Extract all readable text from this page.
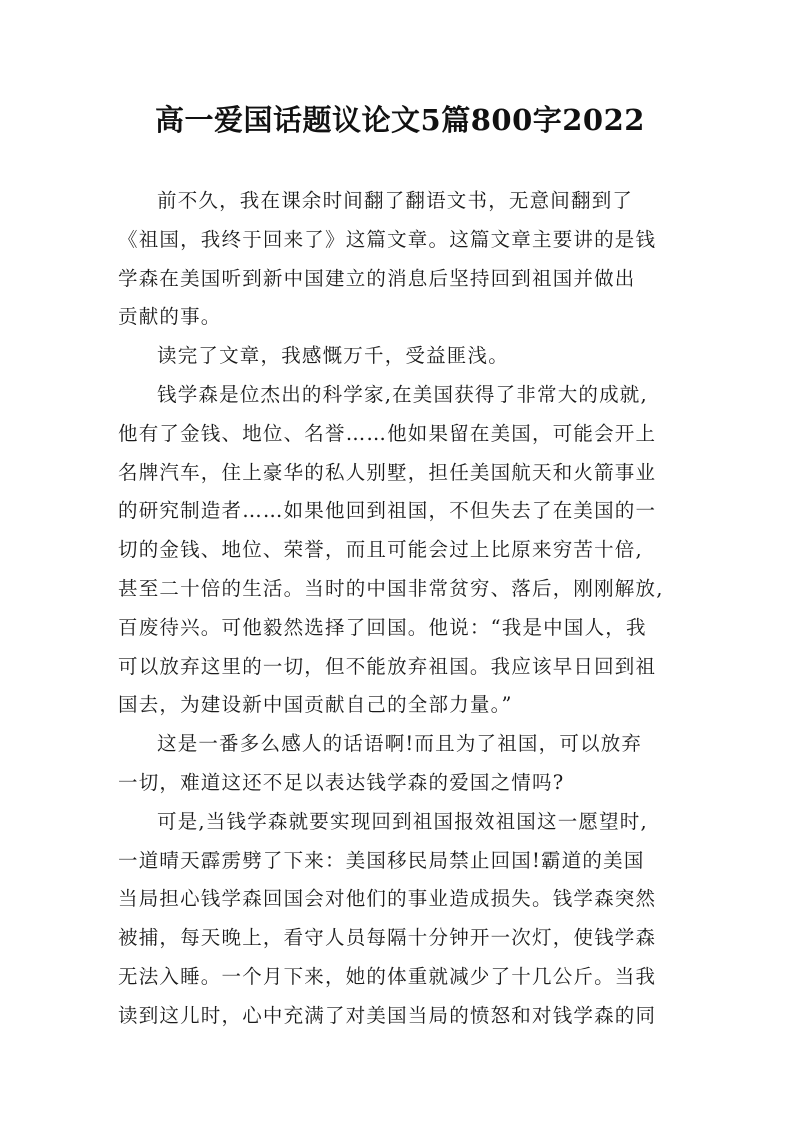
高一爱国话题议论文5篇800字2022

前不久，我在课余时间翻了翻语文书，无意间翻到了
《祖国，我终于回来了》这篇文章。这篇文章主要讲的是钱
学森在美国听到新中国建立的消息后坚持回到祖国并做出
贡献的事。

读完了文章，我感慨万千，受益匪浅。

钱学森是位杰出的科学家,在美国获得了非常大的成就,
他有了金钱、地位、名誉……他如果留在美国，可能会开上
名牌汽车，住上豪华的私人别墅，担任美国航天和火箭事业
的研究制造者……如果他回到祖国，不但失去了在美国的一
切的金钱、地位、荣誉，而且可能会过上比原来穷苦十倍,
甚至二十倍的生活。当时的中国非常贫穷、落后，刚刚解放,
百废待兴。可他毅然选择了回国。他说：“我是中国人，我
可以放弃这里的一切，但不能放弃祖国。我应该早日回到祖
国去，为建设新中国贡献自己的全部力量。”

这是一番多么感人的话语啊!而且为了祖国，可以放弃
一切，难道这还不足以表达钱学森的爱国之情吗?

可是,当钱学森就要实现回到祖国报效祖国这一愿望时,
一道晴天霹雳劈了下来：美国移民局禁止回国!霸道的美国
当局担心钱学森回国会对他们的事业造成损失。钱学森突然
被捕，每天晚上，看守人员每隔十分钟开一次灯，使钱学森
无法入睡。一个月下来，她的体重就减少了十几公斤。当我
读到这儿时，心中充满了对美国当局的愤怒和对钱学森的同
